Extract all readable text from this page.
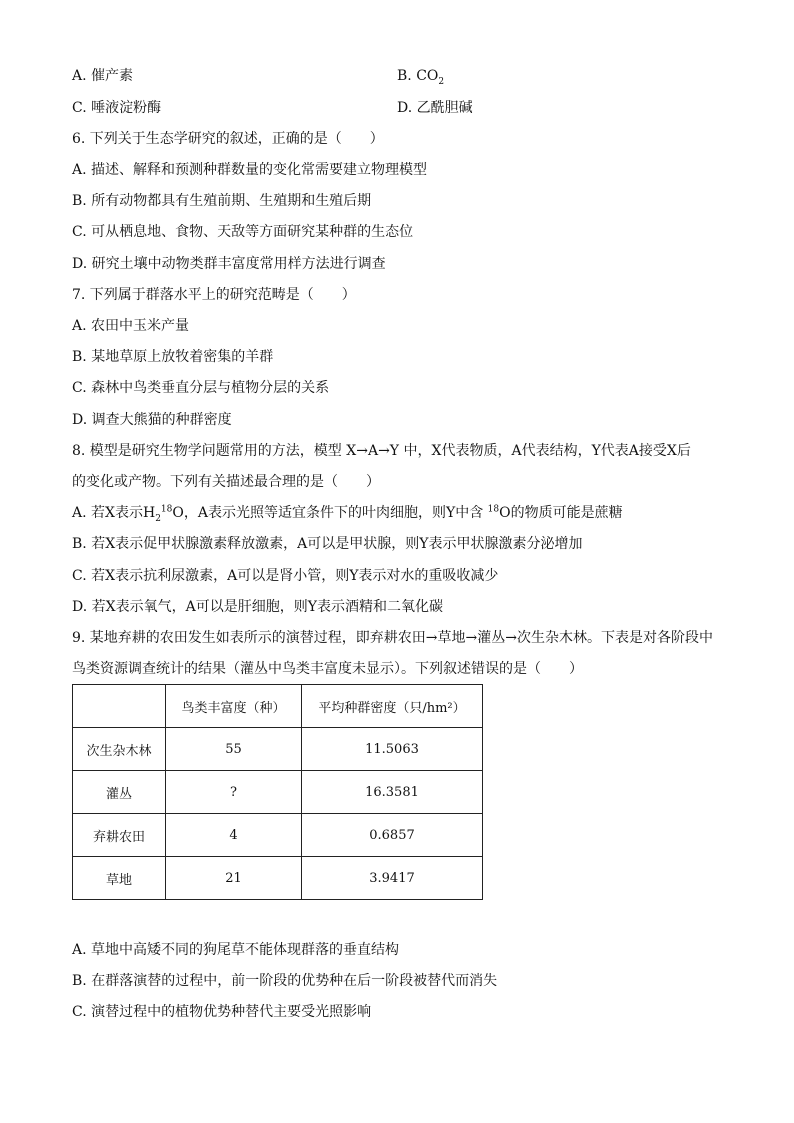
A. 催产素	B. $CO_2$
C. 唾液淀粉酶	D. 乙酰胆碱
6. 下列关于生态学研究的叙述，正确的是（　　）
A. 描述、解释和预测种群数量的变化常需要建立物理模型
B. 所有动物都具有生殖前期、生殖期和生殖后期
C. 可从栖息地、食物、天敌等方面研究某种群的生态位
D. 研究土壤中动物类群丰富度常用样方法进行调查
7. 下列属于群落水平上的研究范畴是（　　）
A. 农田中玉米产量
B. 某地草原上放牧着密集的羊群
C. 森林中鸟类垂直分层与植物分层的关系
D. 调查大熊猫的种群密度
8. 模型是研究生物学问题常用的方法，模型 X→A→Y 中，X代表物质，A代表结构，Y代表A接受X后
的变化或产物。下列有关描述最合理的是（　　）
A. 若X表示$H_2^{18}O$，A表示光照等适宜条件下的叶肉细胞，则Y中含 $^{18}$O的物质可能是蔗糖
B. 若X表示促甲状腺激素释放激素，A可以是甲状腺，则Y表示甲状腺激素分泌增加
C. 若X表示抗利尿激素，A可以是肾小管，则Y表示对水的重吸收减少
D. 若X表示氧气，A可以是肝细胞，则Y表示酒精和二氧化碳
9. 某地弃耕的农田发生如表所示的演替过程，即弃耕农田→草地→灌丛→次生杂木林。下表是对各阶段中
鸟类资源调查统计的结果（灌丛中鸟类丰富度未显示）。下列叙述错误的是（　　）
	鸟类丰富度（种）	平均种群密度（只/hm²）
次生杂木林	55	11.5063
灌丛	?	16.3581
弃耕农田	4	0.6857
草地	21	3.9417
A. 草地中高矮不同的狗尾草不能体现群落的垂直结构
B. 在群落演替的过程中，前一阶段的优势种在后一阶段被替代而消失
C. 演替过程中的植物优势种替代主要受光照影响
